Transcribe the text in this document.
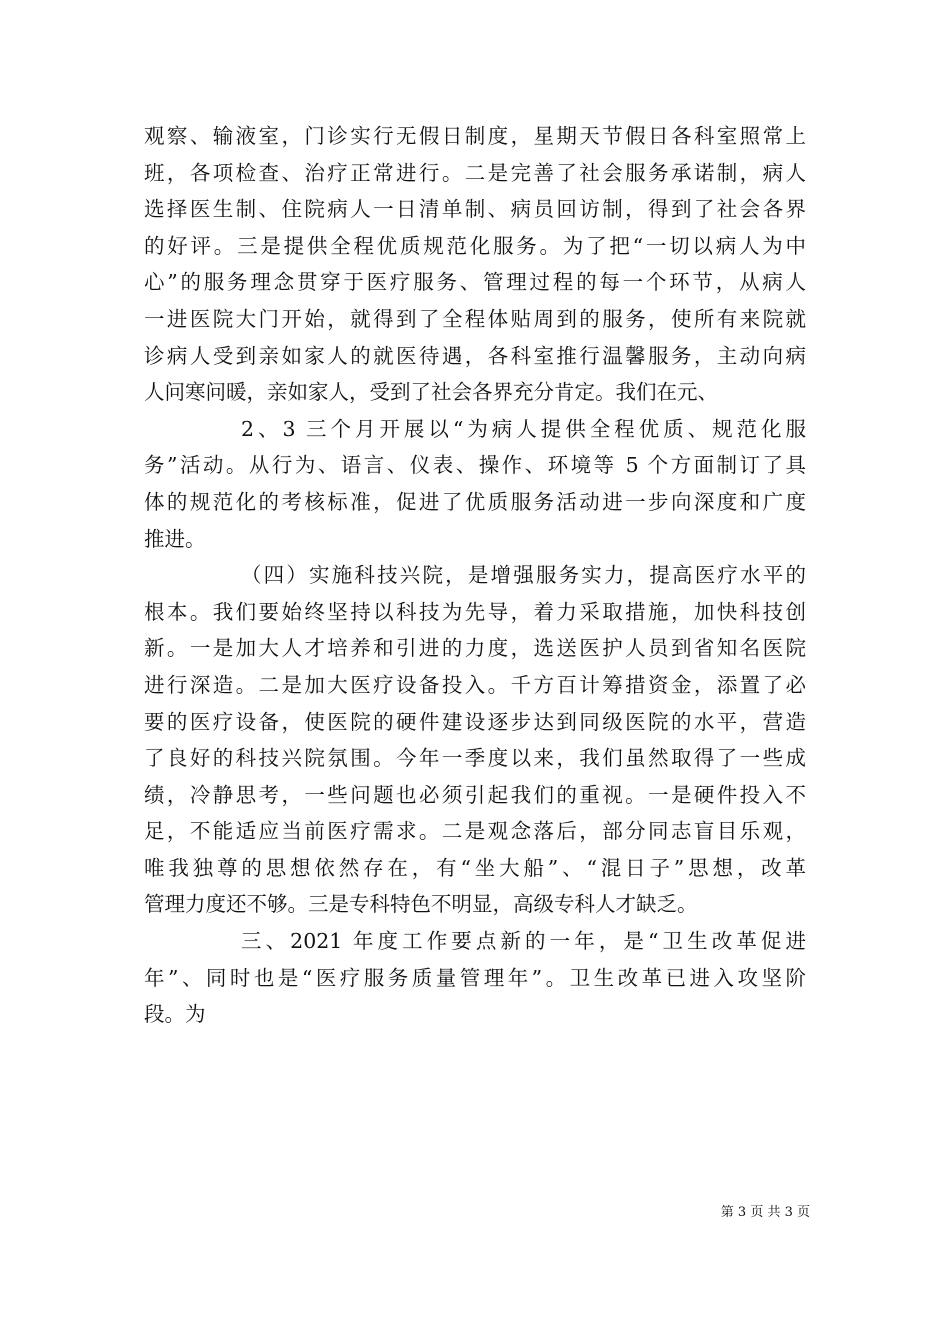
观察、输液室，门诊实行无假日制度，星期天节假日各科室照常上
班，各项检查、治疗正常进行。二是完善了社会服务承诺制，病人
选择医生制、住院病人一日清单制、病员回访制，得到了社会各界
的好评。三是提供全程优质规范化服务。为了把“一切以病人为中
心”的服务理念贯穿于医疗服务、管理过程的每一个环节，从病人
一进医院大门开始，就得到了全程体贴周到的服务，使所有来院就
诊病人受到亲如家人的就医待遇，各科室推行温馨服务，主动向病
人问寒问暖，亲如家人，受到了社会各界充分肯定。我们在元、
2、3 三个月开展以“为病人提供全程优质、规范化服
务”活动。从行为、语言、仪表、操作、环境等 5 个方面制订了具
体的规范化的考核标准，促进了优质服务活动进一步向深度和广度
推进。
（四）实施科技兴院，是增强服务实力，提高医疗水平的
根本。我们要始终坚持以科技为先导，着力采取措施，加快科技创
新。一是加大人才培养和引进的力度，选送医护人员到省知名医院
进行深造。二是加大医疗设备投入。千方百计筹措资金，添置了必
要的医疗设备，使医院的硬件建设逐步达到同级医院的水平，营造
了良好的科技兴院氛围。今年一季度以来，我们虽然取得了一些成
绩，冷静思考，一些问题也必须引起我们的重视。一是硬件投入不
足，不能适应当前医疗需求。二是观念落后，部分同志盲目乐观，
唯我独尊的思想依然存在，有“坐大船”、“混日子”思想，改革
管理力度还不够。三是专科特色不明显，高级专科人才缺乏。
三、2021 年度工作要点新的一年，是“卫生改革促进
年”、同时也是“医疗服务质量管理年”。卫生改革已进入攻坚阶
段。为
第 3 页 共 3 页
